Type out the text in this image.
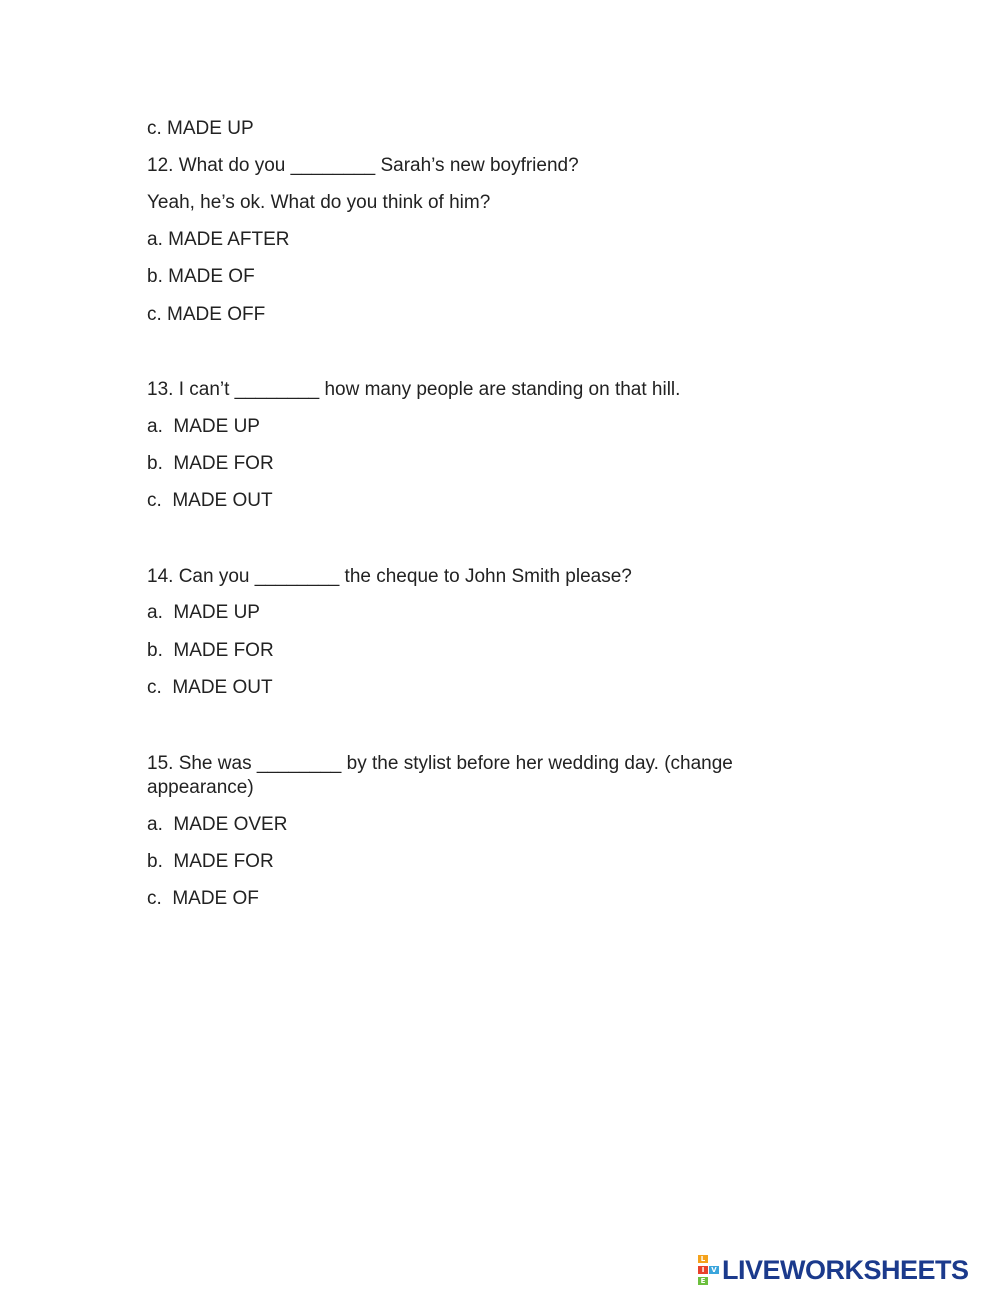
c. MADE UP

12. What do you ________ Sarah’s new boyfriend?

Yeah, he’s ok. What do you think of him?

a. MADE AFTER

b. MADE OF

c. MADE OFF

13. I can’t ________ how many people are standing on that hill.

a.  MADE UP

b.  MADE FOR

c.  MADE OUT

14. Can you ________ the cheque to John Smith please?

a.  MADE UP

b.  MADE FOR

c.  MADE OUT

15. She was ________ by the stylist before her wedding day. (change appearance)

a.  MADE OVER

b.  MADE FOR

c.  MADE OF

L
I V
E LIVEWORKSHEETS
